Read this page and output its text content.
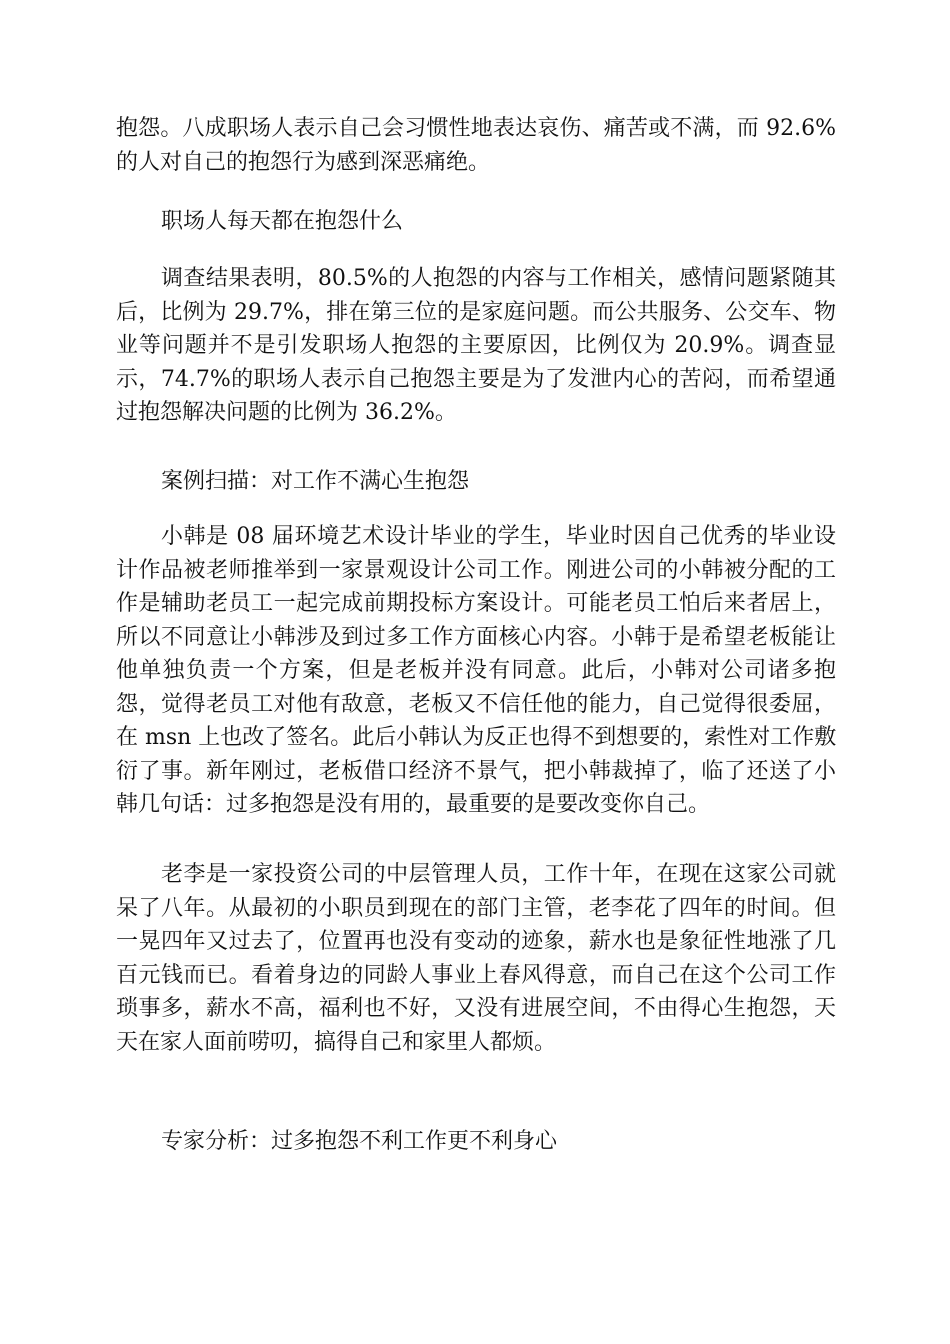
抱怨。八成职场人表示自己会习惯性地表达哀伤、痛苦或不满，而 92.6%
的人对自己的抱怨行为感到深恶痛绝。
职场人每天都在抱怨什么
调查结果表明，80.5%的人抱怨的内容与工作相关，感情问题紧随其
后，比例为 29.7%，排在第三位的是家庭问题。而公共服务、公交车、物
业等问题并不是引发职场人抱怨的主要原因，比例仅为 20.9%。调查显
示，74.7%的职场人表示自己抱怨主要是为了发泄内心的苦闷，而希望通
过抱怨解决问题的比例为 36.2%。
案例扫描：对工作不满心生抱怨
小韩是 08 届环境艺术设计毕业的学生，毕业时因自己优秀的毕业设
计作品被老师推举到一家景观设计公司工作。刚进公司的小韩被分配的工
作是辅助老员工一起完成前期投标方案设计。可能老员工怕后来者居上，
所以不同意让小韩涉及到过多工作方面核心内容。小韩于是希望老板能让
他单独负责一个方案，但是老板并没有同意。此后，小韩对公司诸多抱
怨，觉得老员工对他有敌意，老板又不信任他的能力，自己觉得很委屈，
在 msn 上也改了签名。此后小韩认为反正也得不到想要的，索性对工作敷
衍了事。新年刚过，老板借口经济不景气，把小韩裁掉了，临了还送了小
韩几句话：过多抱怨是没有用的，最重要的是要改变你自己。
老李是一家投资公司的中层管理人员，工作十年，在现在这家公司就
呆了八年。从最初的小职员到现在的部门主管，老李花了四年的时间。但
一晃四年又过去了，位置再也没有变动的迹象，薪水也是象征性地涨了几
百元钱而已。看着身边的同龄人事业上春风得意，而自己在这个公司工作
琐事多，薪水不高，福利也不好，又没有进展空间，不由得心生抱怨，天
天在家人面前唠叨，搞得自己和家里人都烦。
专家分析：过多抱怨不利工作更不利身心
